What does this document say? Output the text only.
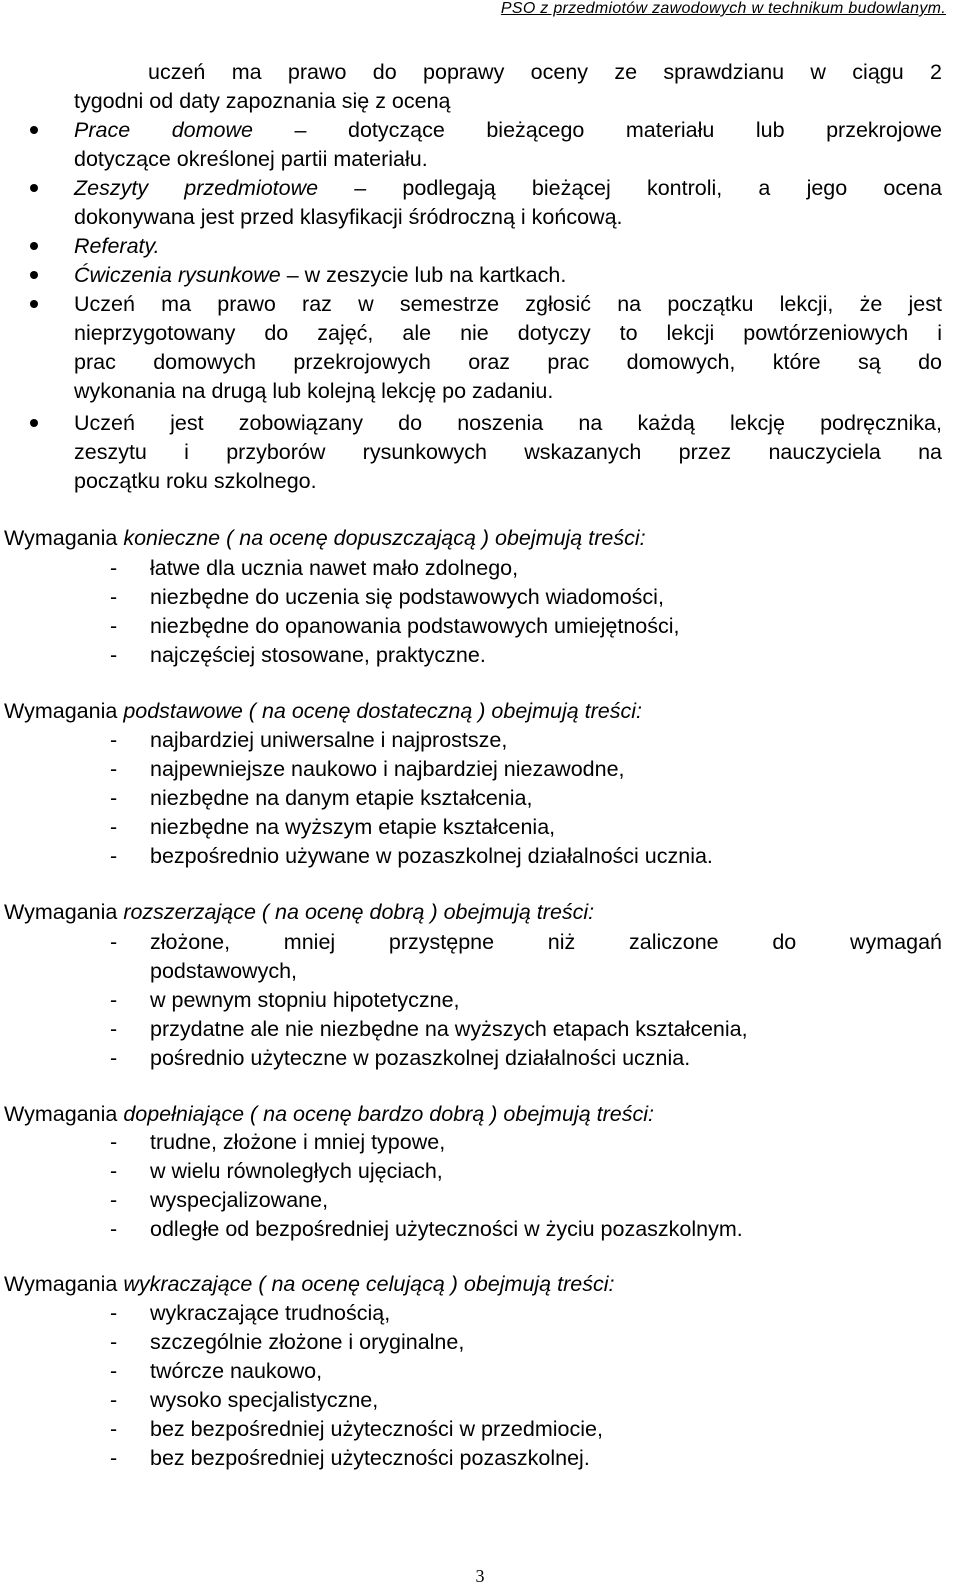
PSO z przedmiotów zawodowych w technikum budowlanym.
uczeń ma prawo do poprawy oceny ze sprawdzianu w ciągu 2
tygodni od daty zapoznania się z oceną
Prace domowe – dotyczące bieżącego materiału lub przekrojowe
dotyczące określonej partii materiału.
Zeszyty przedmiotowe – podlegają bieżącej kontroli, a jego ocena
dokonywana jest przed klasyfikacji śródroczną i końcową.
Referaty.
Ćwiczenia rysunkowe – w zeszycie lub na kartkach.
Uczeń ma prawo raz w semestrze zgłosić na początku lekcji, że jest
nieprzygotowany do zajęć, ale nie dotyczy to lekcji powtórzeniowych i
prac domowych przekrojowych oraz prac domowych, które są do
wykonania na drugą lub kolejną lekcję po zadaniu.
Uczeń jest zobowiązany do noszenia na każdą lekcję podręcznika,
zeszytu i przyborów rysunkowych wskazanych przez nauczyciela na
początku roku szkolnego.
Wymagania konieczne ( na ocenę dopuszczającą ) obejmują treści:
- łatwe dla ucznia nawet mało zdolnego,
- niezbędne do uczenia się podstawowych wiadomości,
- niezbędne do opanowania podstawowych umiejętności,
- najczęściej stosowane, praktyczne.
Wymagania podstawowe ( na ocenę dostateczną ) obejmują treści:
- najbardziej uniwersalne i najprostsze,
- najpewniejsze naukowo i najbardziej niezawodne,
- niezbędne na danym etapie kształcenia,
- niezbędne na wyższym etapie kształcenia,
- bezpośrednio używane w pozaszkolnej działalności ucznia.
Wymagania rozszerzające ( na ocenę dobrą ) obejmują treści:
- złożone, mniej przystępne niż zaliczone do wymagań
podstawowych,
- w pewnym stopniu hipotetyczne,
- przydatne ale nie niezbędne na wyższych etapach kształcenia,
- pośrednio użyteczne w pozaszkolnej działalności ucznia.
Wymagania dopełniające ( na ocenę bardzo dobrą ) obejmują treści:
- trudne, złożone i mniej typowe,
- w wielu równoległych ujęciach,
- wyspecjalizowane,
- odległe od bezpośredniej użyteczności w życiu pozaszkolnym.
Wymagania wykraczające ( na ocenę celującą ) obejmują treści:
- wykraczające trudnością,
- szczególnie złożone i oryginalne,
- twórcze naukowo,
- wysoko specjalistyczne,
- bez bezpośredniej użyteczności w przedmiocie,
- bez bezpośredniej użyteczności pozaszkolnej.
3
